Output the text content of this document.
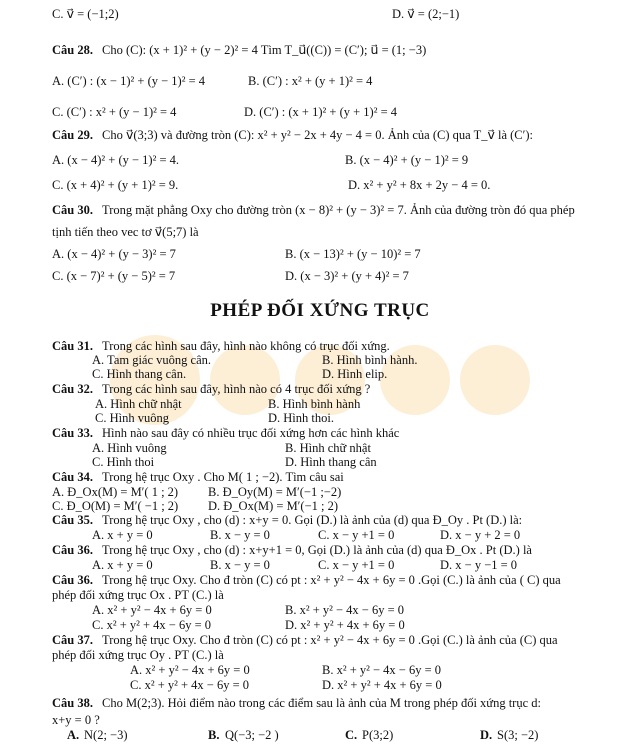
PHÉP ĐỐI XỨNG TRỤC
C. v⃗ = (−1;2)	D. v⃗ = (2;−1)
Câu 28. Cho (C): (x + 1)² + (y − 2)² = 4 Tìm T_u⃗((C)) = (C′); u⃗ = (1; −3)
A. (C′) : (x − 1)² + (y − 1)² = 4	B. (C′) : x² + (y + 1)² = 4
C. (C′) : x² + (y − 1)² = 4	D. (C′) : (x + 1)² + (y + 1)² = 4
Câu 29. Cho v⃗(3;3) và đường tròn (C): x² + y² − 2x + 4y − 4 = 0. Ảnh của (C) qua T_v⃗ là (C′):
A. (x − 4)² + (y − 1)² = 4.	B. (x − 4)² + (y − 1)² = 9
C. (x + 4)² + (y + 1)² = 9.	D. x² + y² + 8x + 2y − 4 = 0.
Câu 30. Trong mặt phẳng Oxy cho đường tròn (x − 8)² + (y − 3)² = 7. Ảnh của đường tròn đó qua phép
tịnh tiến theo vec tơ v⃗(5;7) là
A. (x − 4)² + (y − 3)² = 7	B. (x − 13)² + (y − 10)² = 7
C. (x − 7)² + (y − 5)² = 7	D. (x − 3)² + (y + 4)² = 7
Câu 31. Trong các hình sau đây, hình nào không có trục đối xứng.
A. Tam giác vuông cân.	B. Hình bình hành.
C. Hình thang cân.	D. Hình elip.
Câu 32. Trong các hình sau đây, hình nào có 4 trục đối xứng ?
A. Hình chữ nhật	B. Hình bình hành
C. Hình vuông	D. Hình thoi.
Câu 33. Hình nào sau đây có nhiều trục đối xứng hơn các hình khác
A. Hình vuông	B. Hình chữ nhật
C. Hình thoi	D. Hình thang cân
Câu 34. Trong hệ trục Oxy . Cho M( 1 ; −2). Tìm câu sai
A. Đ_Ox(M) = M′( 1 ; 2) B. Đ_Oy(M) = M′(−1 ;−2)
C. Đ_O(M) = M′( −1 ; 2) D. Đ_Ox(M) = M′(−1 ; 2)
Câu 35. Trong hệ trục Oxy , cho (d) : x+y = 0. Gọi (D.) là ảnh của (d) qua Đ_Oy . Pt (D.) là:
A. x + y = 0	B. x − y = 0	C. x − y +1 = 0	D. x − y + 2 = 0
Câu 36. Trong hệ trục Oxy , cho (d) : x+y+1 = 0, Gọi (D.) là ảnh của (d) qua Đ_Ox . Pt (D.) là
A. x + y = 0	B. x − y = 0	C. x − y +1 = 0	D. x − y −1 = 0
Câu 36. Trong hệ trục Oxy. Cho đ tròn (C) có pt : x² + y² − 4x + 6y = 0 .Gọi (C.) là ảnh của ( C) qua
phép đối xứng trục Ox . PT (C.) là
A. x² + y² − 4x + 6y = 0	B. x² + y² − 4x − 6y = 0
C. x² + y² + 4x − 6y = 0	D. x² + y² + 4x + 6y = 0
Câu 37. Trong hệ trục Oxy. Cho đ tròn (C) có pt : x² + y² − 4x + 6y = 0 .Gọi (C.) là ảnh của (C) qua
phép đối xứng trục Oy . PT (C.) là
A. x² + y² − 4x + 6y = 0	B. x² + y² − 4x − 6y = 0
C. x² + y² + 4x − 6y = 0	D. x² + y² + 4x + 6y = 0
Câu 38. Cho M(2;3). Hỏi điểm nào trong các điểm sau là ảnh của M trong phép đối xứng trục d:
x+y = 0 ?
A. N(2; −3)	B. Q(−3; −2 )	C. P(3;2)	D. S(3; −2)
